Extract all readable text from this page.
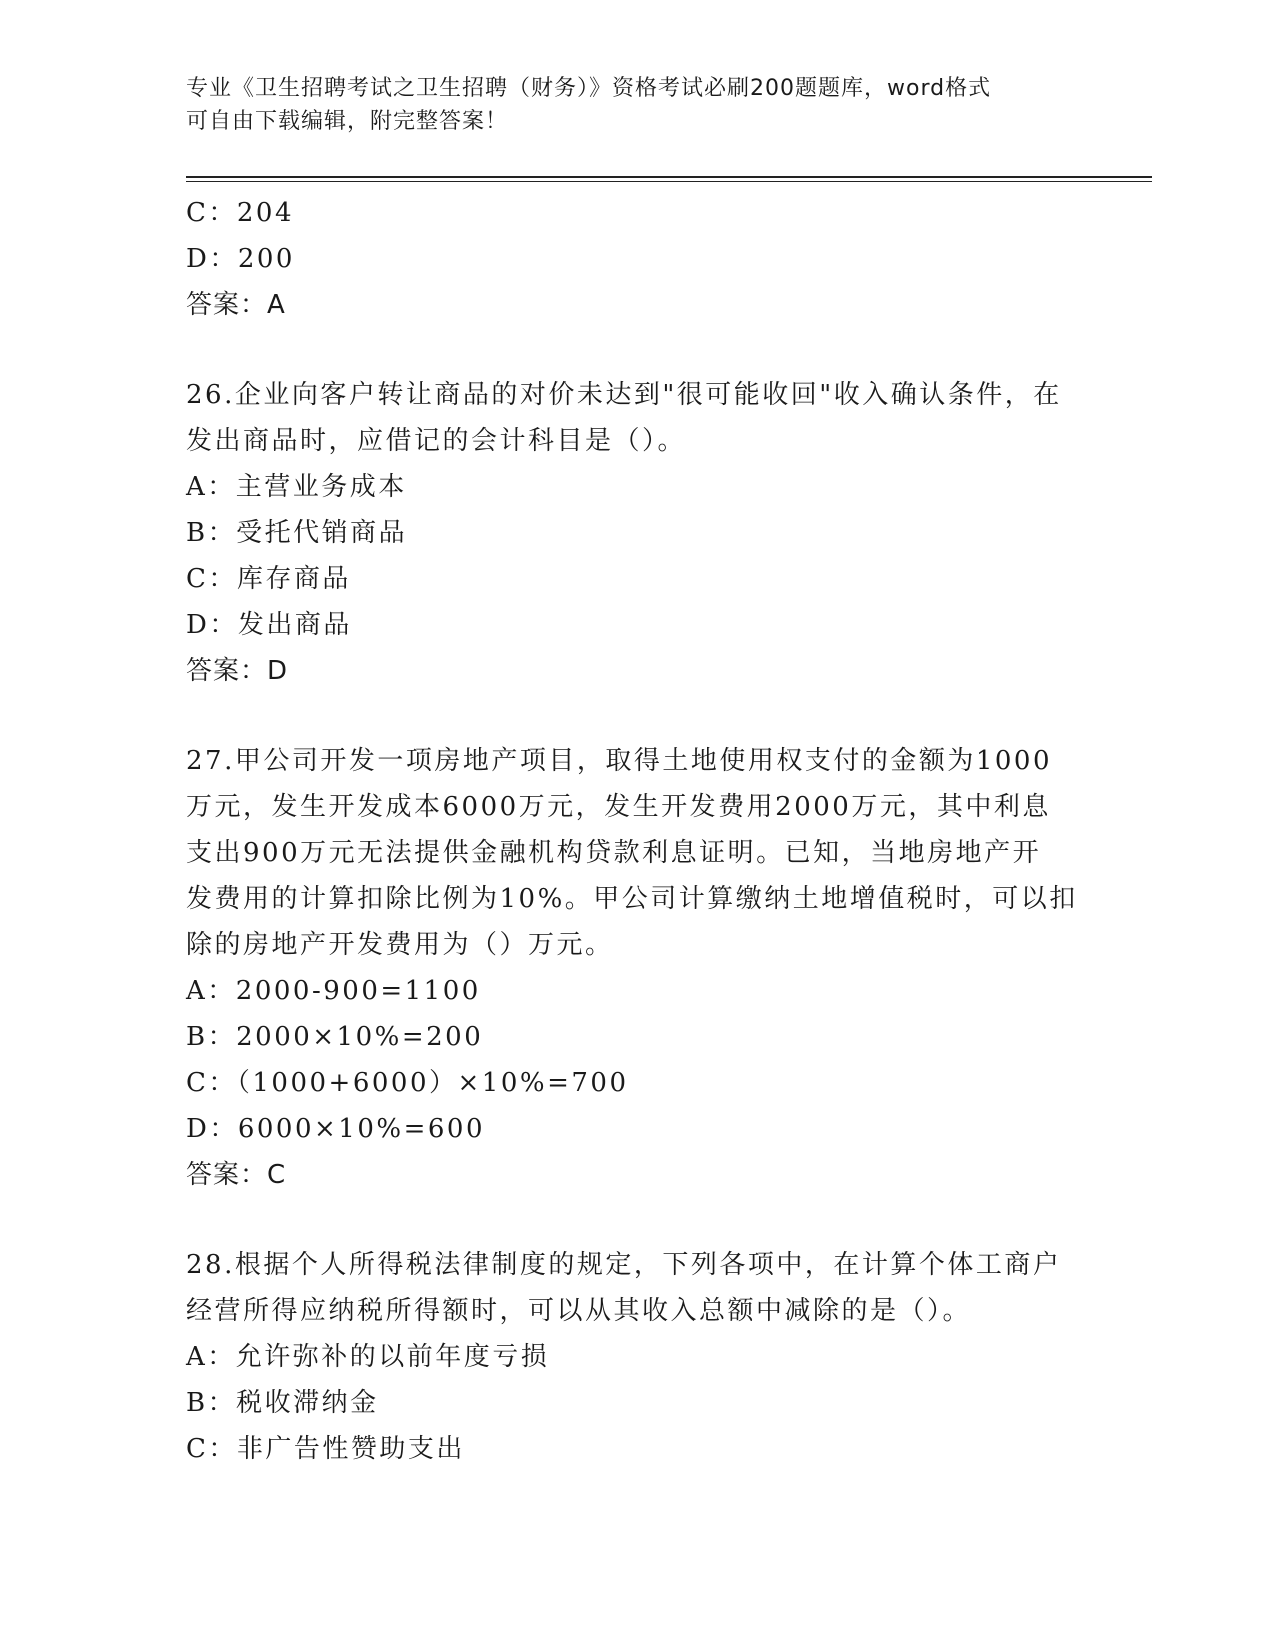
专业《卫生招聘考试之卫生招聘（财务）》资格考试必刷200题题库，word格式
可自由下载编辑，附完整答案！
C：204
D：200
答案：A
26.企业向客户转让商品的对价未达到"很可能收回"收入确认条件，在
发出商品时，应借记的会计科目是（）。
A：主营业务成本
B：受托代销商品
C：库存商品
D：发出商品
答案：D
27.甲公司开发一项房地产项目，取得土地使用权支付的金额为1000
万元，发生开发成本6000万元，发生开发费用2000万元，其中利息
支出900万元无法提供金融机构贷款利息证明。已知，当地房地产开
发费用的计算扣除比例为10%。甲公司计算缴纳土地增值税时，可以扣
除的房地产开发费用为（）万元。
A：2000-900=1100
B：2000×10%=200
C：（1000+6000）×10%=700
D：6000×10%=600
答案：C
28.根据个人所得税法律制度的规定，下列各项中，在计算个体工商户
经营所得应纳税所得额时，可以从其收入总额中减除的是（）。
A：允许弥补的以前年度亏损
B：税收滞纳金
C：非广告性赞助支出
